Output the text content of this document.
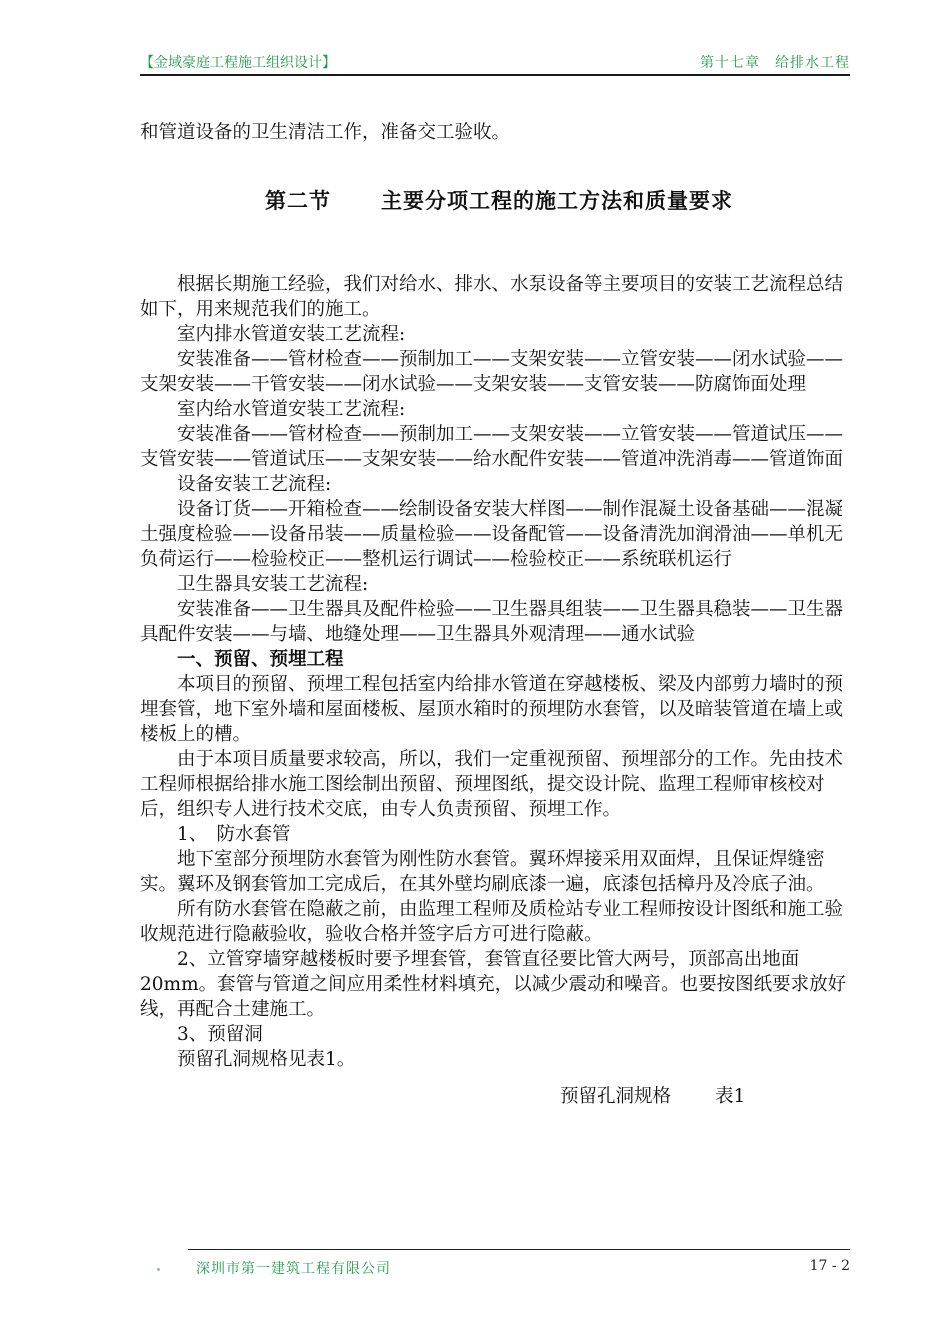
【金域豪庭工程施工组织设计】	第十七章　给排水工程

和管道设备的卫生清洁工作，准备交工验收。

第二节 主要分项工程的施工方法和质量要求

根据长期施工经验，我们对给水、排水、水泵设备等主要项目的安装工艺流程总结如下，用来规范我们的施工。

室内排水管道安装工艺流程:

安装准备——管材检查——预制加工——支架安装——立管安装——闭水试验——支架安装——干管安装——闭水试验——支架安装——支管安装——防腐饰面处理

室内给水管道安装工艺流程:

安装准备——管材检查——预制加工——支架安装——立管安装——管道试压——支管安装——管道试压——支架安装——给水配件安装——管道冲洗消毒——管道饰面

设备安装工艺流程:

设备订货——开箱检查——绘制设备安装大样图——制作混凝土设备基础——混凝土强度检验——设备吊装——质量检验——设备配管——设备清洗加润滑油——单机无负荷运行——检验校正——整机运行调试——检验校正——系统联机运行

卫生器具安装工艺流程:

安装准备——卫生器具及配件检验——卫生器具组装——卫生器具稳装——卫生器具配件安装——与墙、地缝处理——卫生器具外观清理——通水试验

一、预留、预埋工程

本项目的预留、预埋工程包括室内给排水管道在穿越楼板、梁及内部剪力墙时的预埋套管，地下室外墙和屋面楼板、屋顶水箱时的预埋防水套管，以及暗装管道在墙上或楼板上的槽。

由于本项目质量要求较高，所以，我们一定重视预留、预埋部分的工作。先由技术工程师根据给排水施工图绘制出预留、预埋图纸，提交设计院、监理工程师审核校对后，组织专人进行技术交底，由专人负责预留、预埋工作。

1、　防水套管

地下室部分预埋防水套管为刚性防水套管。翼环焊接采用双面焊，且保证焊缝密实。翼环及钢套管加工完成后，在其外壁均刷底漆一遍，底漆包括樟丹及冷底子油。

所有防水套管在隐蔽之前，由监理工程师及质检站专业工程师按设计图纸和施工验收规范进行隐蔽验收，验收合格并签字后方可进行隐蔽。

2、立管穿墙穿越楼板时要予埋套管，套管直径要比管大两号，顶部高出地面20mm。套管与管道之间应用柔性材料填充，以减少震动和噪音。也要按图纸要求放好线，再配合土建施工。

3、预留洞

预留孔洞规格见表1。

预留孔洞规格 表1

深圳市第一建筑工程有限公司	17 - 2
